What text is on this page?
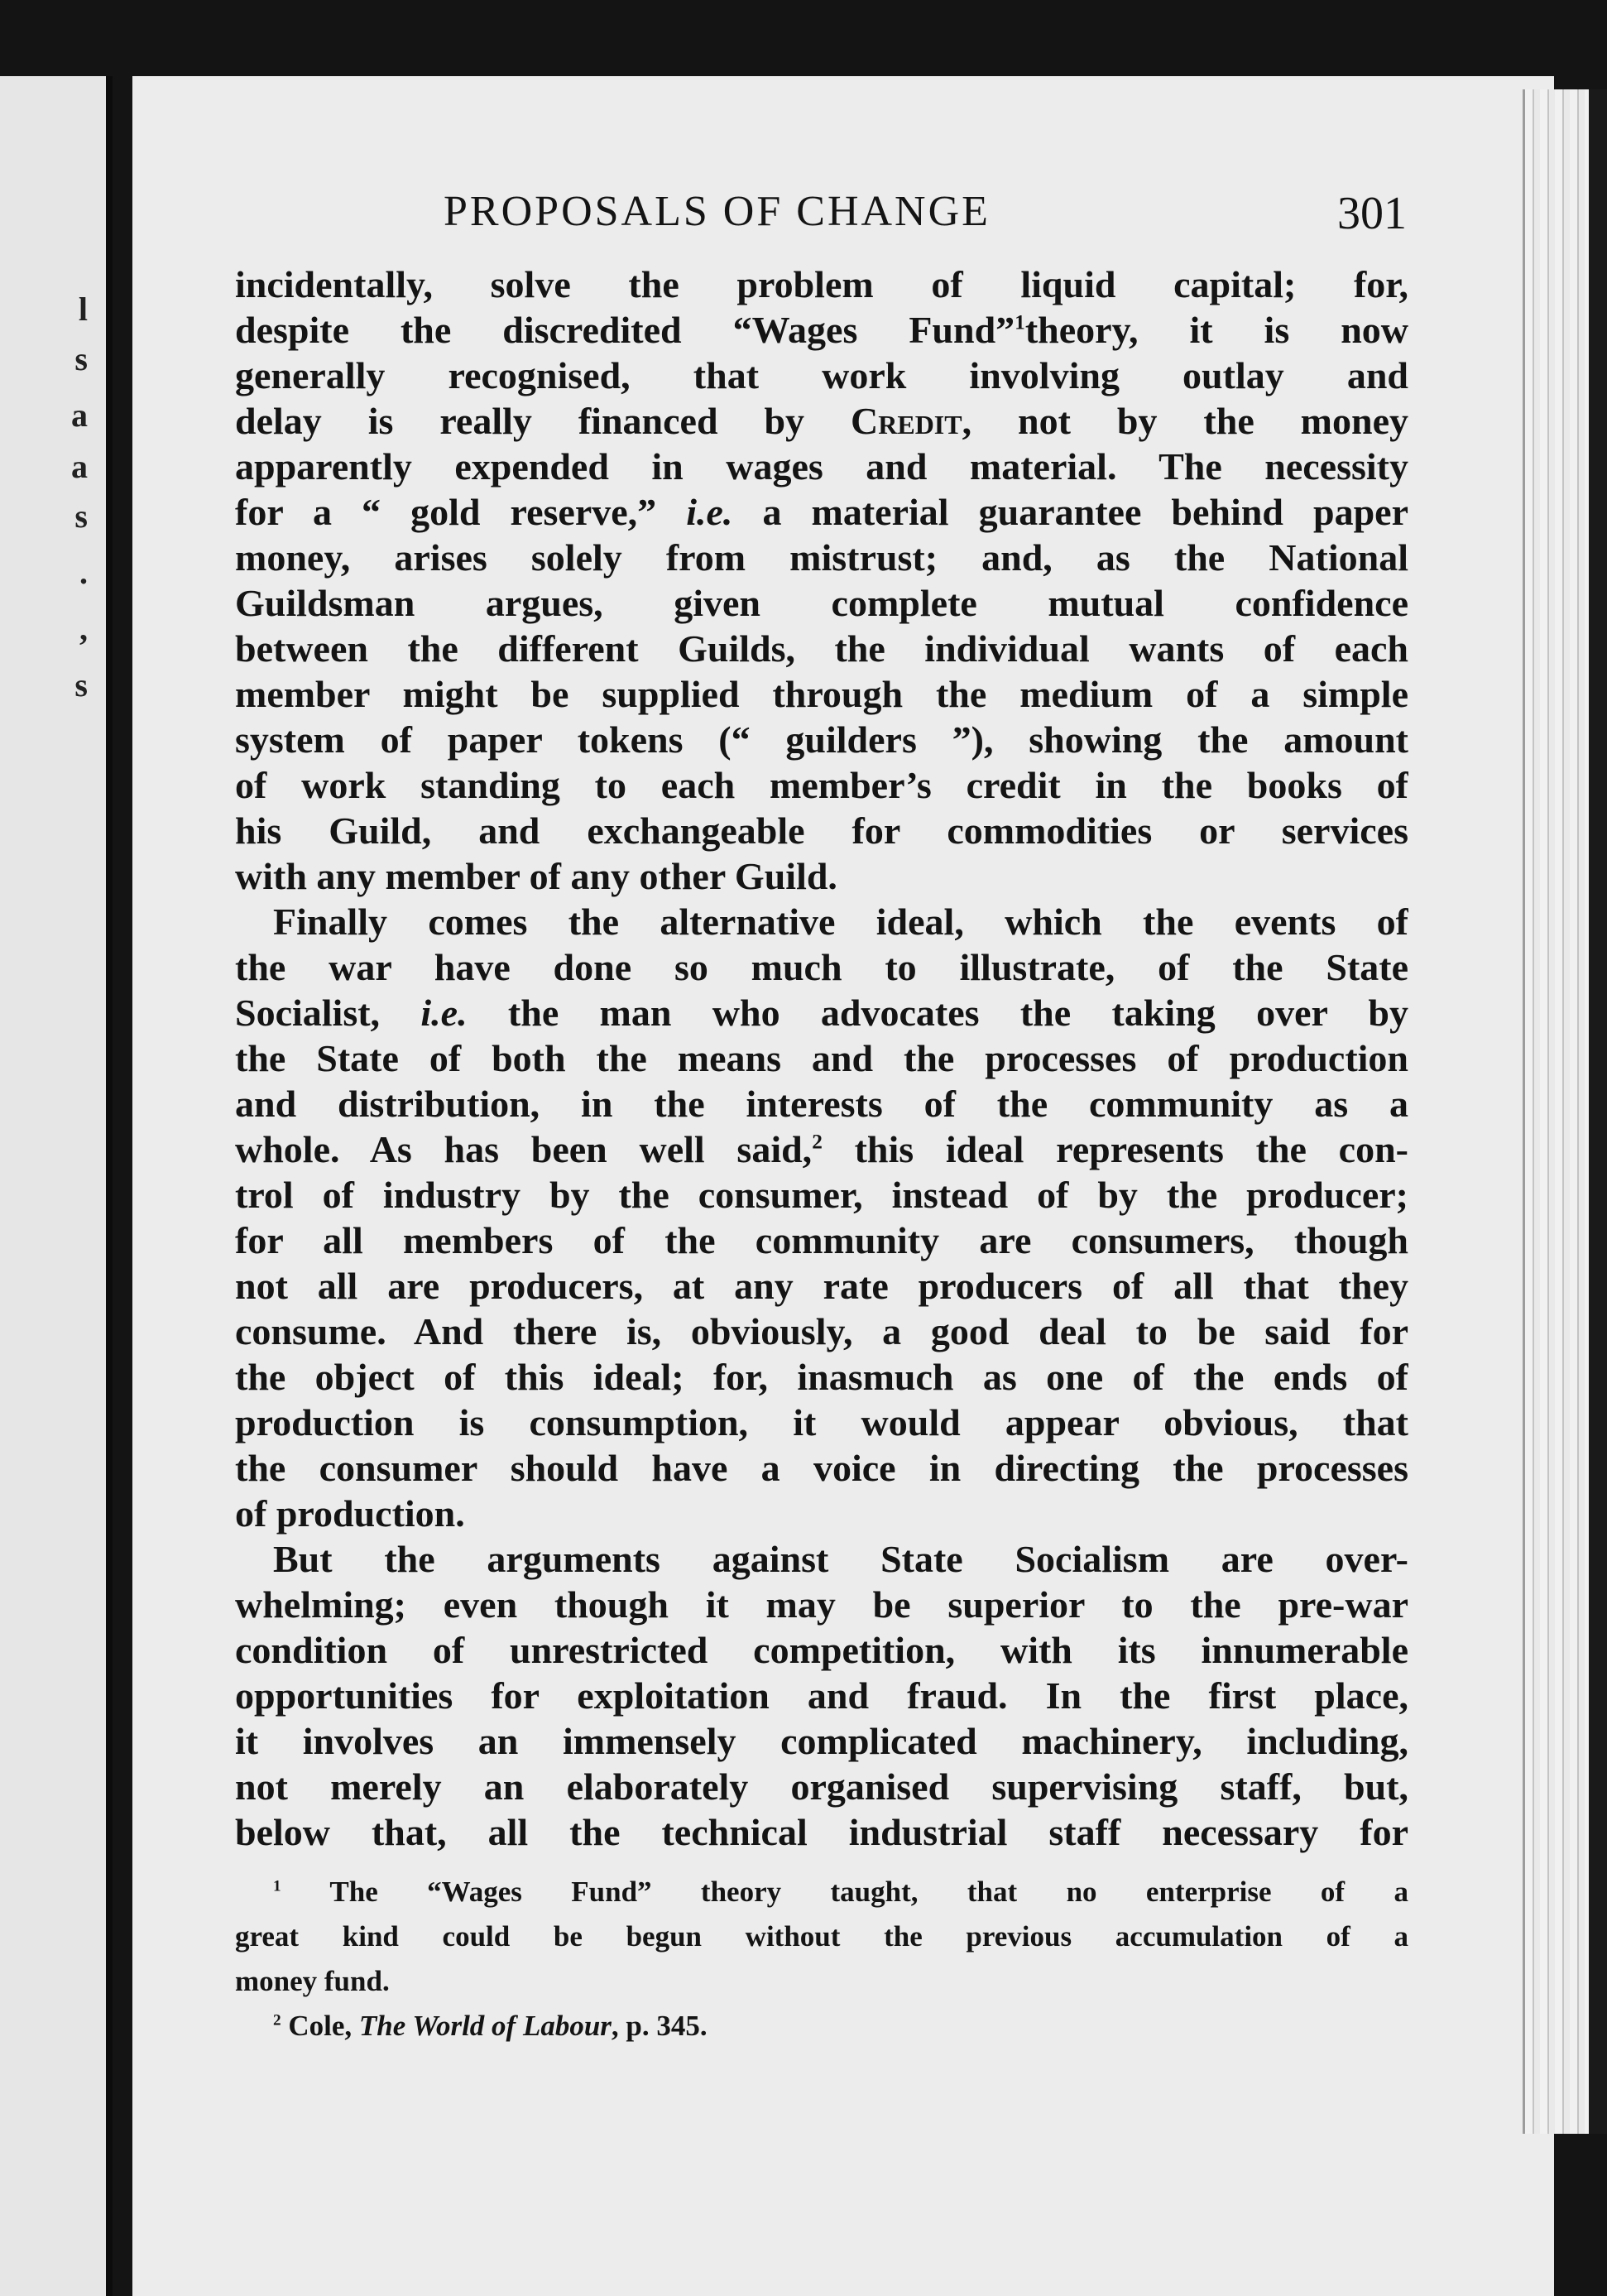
l
s
a
a
s
.
,
s
PROPOSALS OF CHANGE	301

incidentally, solve the problem of liquid capital; for,

despite the discredited “Wages Fund”$^1$theory, it is now

generally recognised, that work involving outlay and

delay is really financed by Credit, not by the money

apparently expended in wages and material. The necessity

for a “ gold reserve,” i.e. a material guarantee behind paper

money, arises solely from mistrust; and, as the National

Guildsman argues, given complete mutual confidence

between the different Guilds, the individual wants of each

member might be supplied through the medium of a simple

system of paper tokens (“ guilders ”), showing the amount

of work standing to each member’s credit in the books of

his Guild, and exchangeable for commodities or services

with any member of any other Guild.

Finally comes the alternative ideal, which the events of

the war have done so much to illustrate, of the State

Socialist, i.e. the man who advocates the taking over by

the State of both the means and the processes of production

and distribution, in the interests of the community as a

whole. As has been well said,$^2$ this ideal represents the con-

trol of industry by the consumer, instead of by the producer;

for all members of the community are consumers, though

not all are producers, at any rate producers of all that they

consume. And there is, obviously, a good deal to be said for

the object of this ideal; for, inasmuch as one of the ends of

production is consumption, it would appear obvious, that

the consumer should have a voice in directing the processes

of production.

But the arguments against State Socialism are over-

whelming; even though it may be superior to the pre-war

condition of unrestricted competition, with its innumerable

opportunities for exploitation and fraud. In the first place,

it involves an immensely complicated machinery, including,

not merely an elaborately organised supervising staff, but,

below that, all the technical industrial staff necessary for

$^1$ The “Wages Fund” theory taught, that no enterprise of a

great kind could be begun without the previous accumulation of a

money fund.

$^2$ Cole, The World of Labour, p. 345.
